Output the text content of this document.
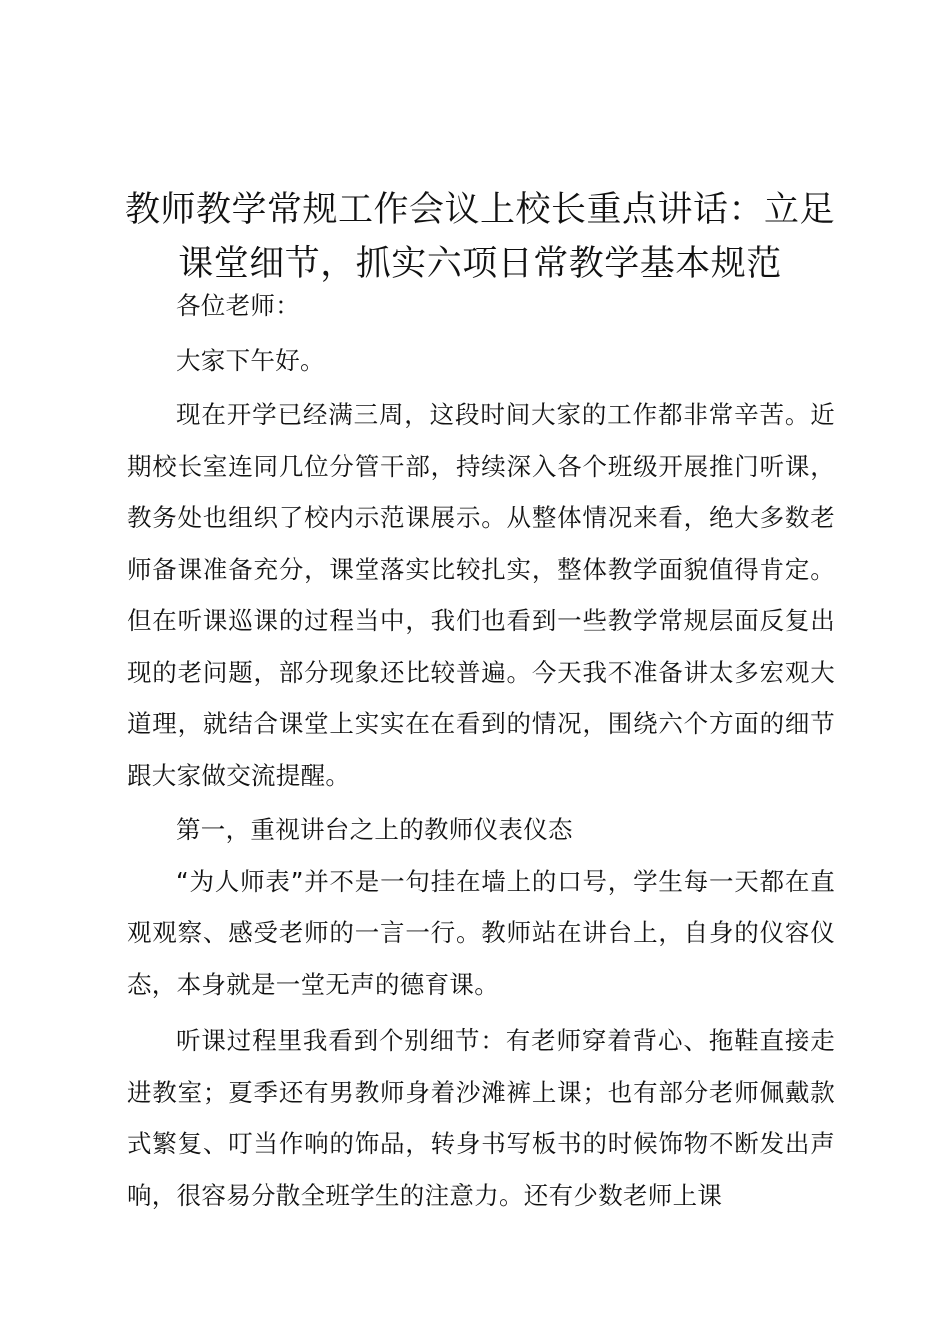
教师教学常规工作会议上校长重点讲话：立足
课堂细节，抓实六项日常教学基本规范

各位老师：

大家下午好。

现在开学已经满三周，这段时间大家的工作都非常辛苦。近期校长室连同几位分管干部，持续深入各个班级开展推门听课，教务处也组织了校内示范课展示。从整体情况来看，绝大多数老师备课准备充分，课堂落实比较扎实，整体教学面貌值得肯定。但在听课巡课的过程当中，我们也看到一些教学常规层面反复出现的老问题，部分现象还比较普遍。今天我不准备讲太多宏观大道理，就结合课堂上实实在在看到的情况，围绕六个方面的细节跟大家做交流提醒。

第一，重视讲台之上的教师仪表仪态

“为人师表”并不是一句挂在墙上的口号，学生每一天都在直观观察、感受老师的一言一行。教师站在讲台上，自身的仪容仪态，本身就是一堂无声的德育课。

听课过程里我看到个别细节：有老师穿着背心、拖鞋直接走进教室；夏季还有男教师身着沙滩裤上课；也有部分老师佩戴款式繁复、叮当作响的饰品，转身书写板书的时候饰物不断发出声响，很容易分散全班学生的注意力。还有少数老师上课
